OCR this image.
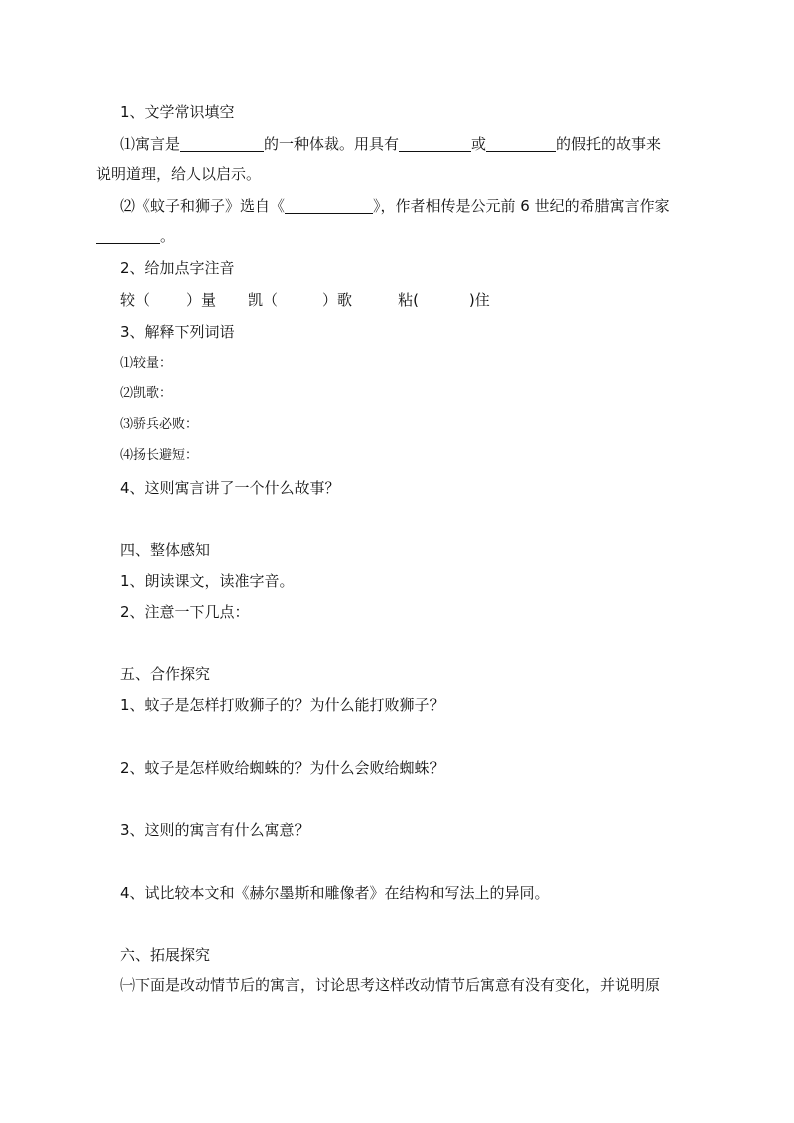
1、文学常识填空
⑴寓言是	的一种体裁。用具有	或	的假托的故事来
说明道理，给人以启示。
⑵《蚊子和狮子》选自《	》，作者相传是公元前 6 世纪的希腊寓言作家
。
2、给加点字注音
较（ ）量 凯（	）歌	粘(	)住
3、解释下列词语
⑴较量：
⑵凯歌：
⑶骄兵必败：
⑷扬长避短：
4、这则寓言讲了一个什么故事？
四、整体感知
1、朗读课文，读准字音。
2、注意一下几点：
五、合作探究
1、蚊子是怎样打败狮子的？为什么能打败狮子？
2、蚊子是怎样败给蜘蛛的？为什么会败给蜘蛛？
3、这则的寓言有什么寓意？
4、试比较本文和《赫尔墨斯和雕像者》在结构和写法上的异同。
六、拓展探究
㈠下面是改动情节后的寓言，讨论思考这样改动情节后寓意有没有变化，并说明原
